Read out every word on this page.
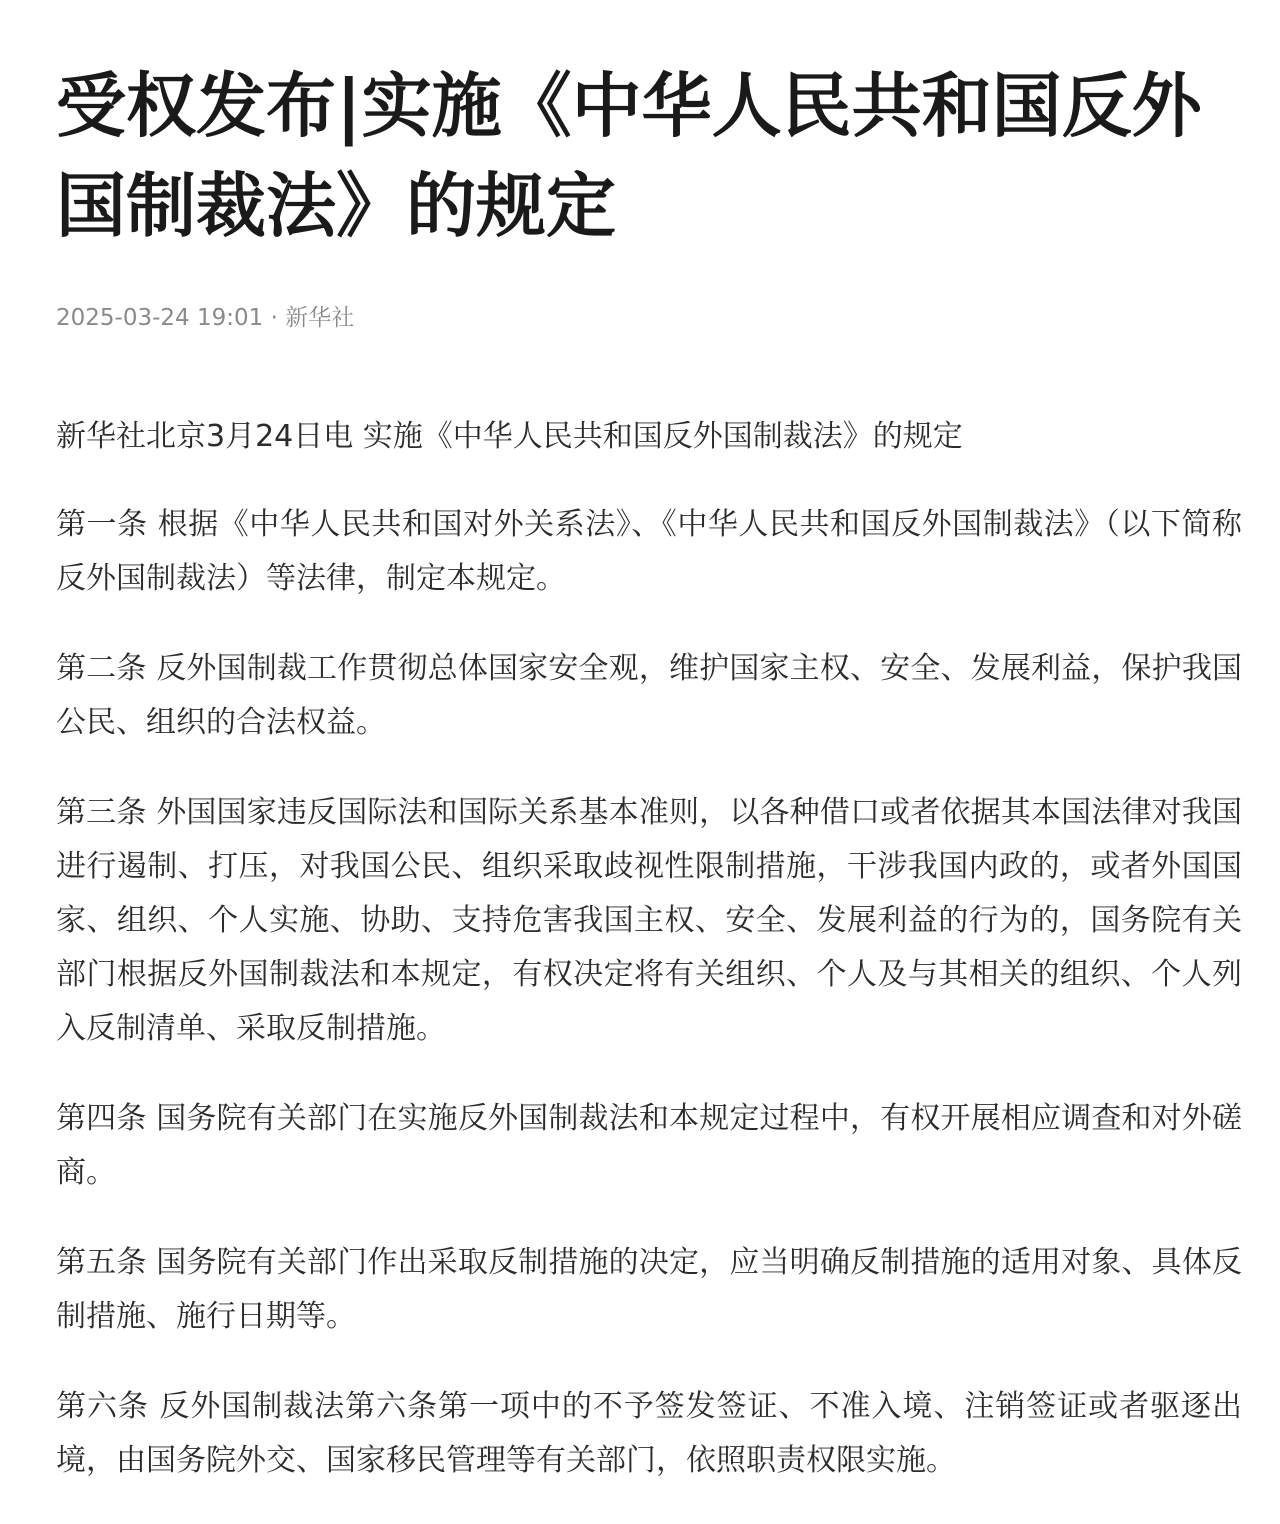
受权发布|实施《中华人民共和国反外国制裁法》的规定
2025-03-24 19:01 · 新华社

新华社北京3月24日电 实施《中华人民共和国反外国制裁法》的规定

第一条 根据《中华人民共和国对外关系法》、《中华人民共和国反外国制裁法》（以下简称反外国制裁法）等法律，制定本规定。

第二条 反外国制裁工作贯彻总体国家安全观，维护国家主权、安全、发展利益，保护我国公民、组织的合法权益。

第三条 外国国家违反国际法和国际关系基本准则，以各种借口或者依据其本国法律对我国进行遏制、打压，对我国公民、组织采取歧视性限制措施，干涉我国内政的，或者外国国家、组织、个人实施、协助、支持危害我国主权、安全、发展利益的行为的，国务院有关部门根据反外国制裁法和本规定，有权决定将有关组织、个人及与其相关的组织、个人列入反制清单、采取反制措施。

第四条 国务院有关部门在实施反外国制裁法和本规定过程中，有权开展相应调查和对外磋商。

第五条 国务院有关部门作出采取反制措施的决定，应当明确反制措施的适用对象、具体反制措施、施行日期等。

第六条 反外国制裁法第六条第一项中的不予签发签证、不准入境、注销签证或者驱逐出境，由国务院外交、国家移民管理等有关部门，依照职责权限实施。
